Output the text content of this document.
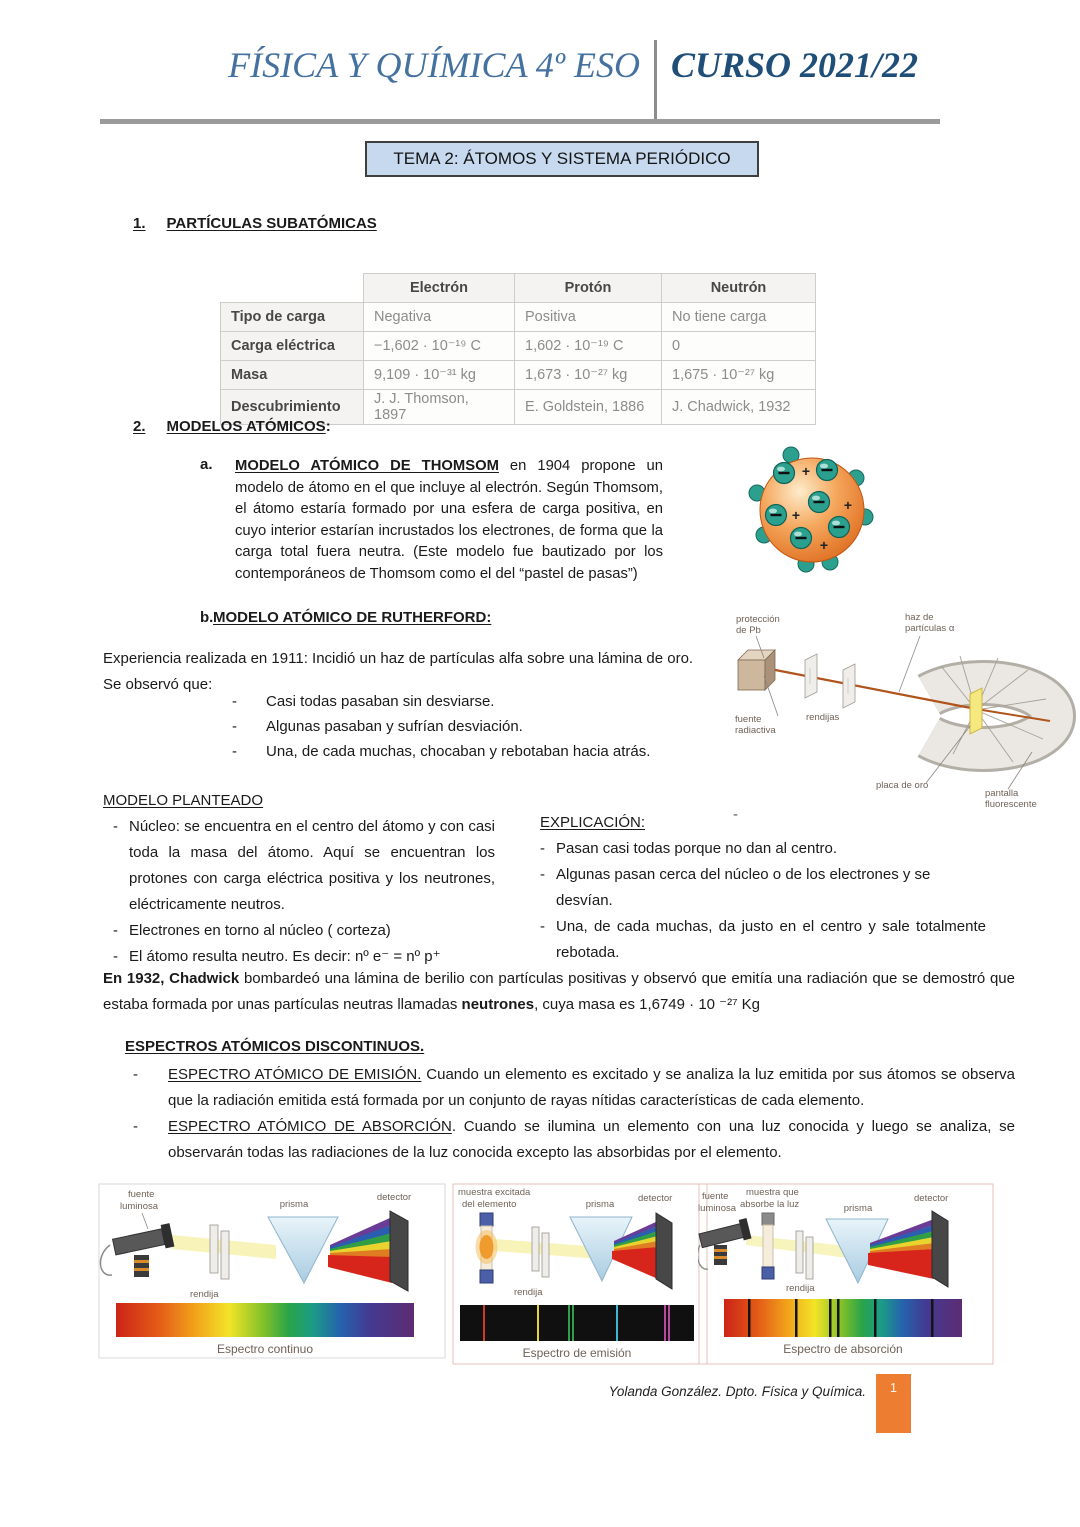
FÍSICA Y QUÍMICA 4º ESO CURSO 2021/22
TEMA 2: ÁTOMOS Y SISTEMA PERIÓDICO
1. PARTÍCULAS SUBATÓMICAS
	Electrón	Protón	Neutrón
Tipo de carga	Negativa	Positiva	No tiene carga
Carga eléctrica	−1,602 · 10⁻¹⁹ C	1,602 · 10⁻¹⁹ C	0
Masa	9,109 · 10⁻³¹ kg	1,673 · 10⁻²⁷ kg	1,675 · 10⁻²⁷ kg
Descubrimiento	J. J. Thomson, 1897	E. Goldstein, 1886	J. Chadwick, 1932
2. MODELOS ATÓMICOS:
a. MODELO ATÓMICO DE THOMSOM en 1904 propone un modelo de átomo en el que incluye al electrón. Según Thomsom, el átomo estaría formado por una esfera de carga positiva, en cuyo interior estarían incrustados los electrones, de forma que la carga total fuera neutra. (Este modelo fue bautizado por los contemporáneos de Thomsom como el del “pastel de pasas”)
+
+
+
+
b. MODELO ATÓMICO DE RUTHERFORD:
Experiencia realizada en 1911: Incidió un haz de partículas alfa sobre una lámina de oro.
Se observó que:
-	Casi todas pasaban sin desviarse.
-	Algunas pasaban y sufrían desviación.
-	Una, de cada muchas, chocaban y rebotaban hacia atrás.
protección
de Pb
haz de
partículas α
fuente
radiactiva
rendijas
placa de oro
pantalla
fluorescente
MODELO PLANTEADO
- Núcleo: se encuentra en el centro del átomo y con casi toda la masa del átomo. Aquí se encuentran los protones con carga eléctrica positiva y los neutrones, eléctricamente neutros.
- Electrones en torno al núcleo ( corteza)
- El átomo resulta neutro. Es decir: nº e⁻ = nº p⁺
-
EXPLICACIÓN:
- Pasan casi todas porque no dan al centro.
- Algunas pasan cerca del núcleo o de los electrones y se desvían.
- Una, de cada muchas, da justo en el centro y sale totalmente rebotada.
En 1932, Chadwick bombardeó una lámina de berilio con partículas positivas y observó que emitía una radiación que se demostró que estaba formada por unas partículas neutras llamadas neutrones, cuya masa es 1,6749 · 10 ⁻²⁷ Kg
ESPECTROS ATÓMICOS DISCONTINUOS.
-	ESPECTRO ATÓMICO DE EMISIÓN. Cuando un elemento es excitado y se analiza la luz emitida por sus átomos se observa que la radiación emitida está formada por un conjunto de rayas nítidas características de cada elemento.
-	ESPECTRO ATÓMICO DE ABSORCIÓN. Cuando se ilumina un elemento con una luz conocida y luego se analiza, se observarán todas las radiaciones de la luz conocida excepto las absorbidas por el elemento.
fuente
luminosa
rendija
prisma
detector
Espectro continuo
muestra excitada
del elemento
rendija
prisma
detector
Espectro de emisión
fuente
luminosa
muestra que
absorbe la luz
rendija
prisma
detector
Espectro de absorción
Yolanda González. Dpto. Física y Química. 1
